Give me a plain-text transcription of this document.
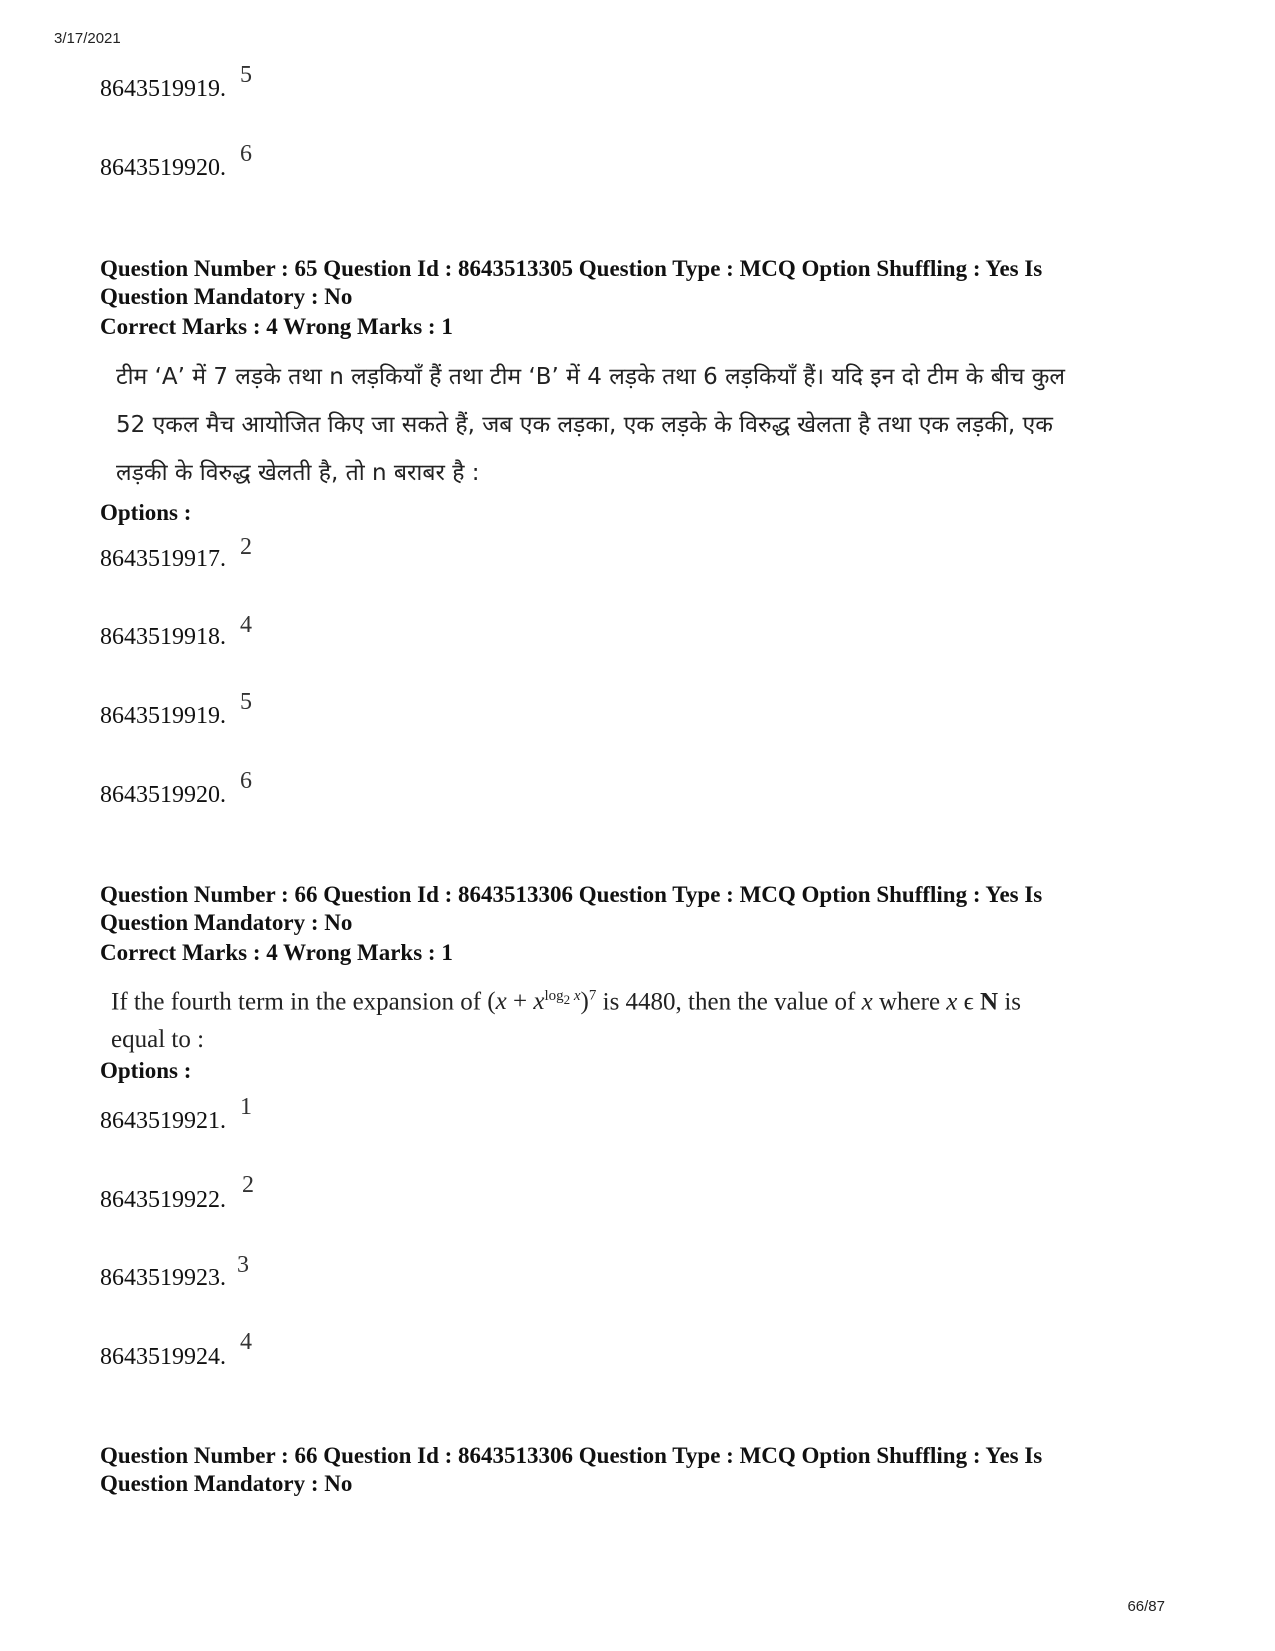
3/17/2021
66/87
8643519919.
5
8643519920.
6
Question Number : 65 Question Id : 8643513305 Question Type : MCQ Option Shuffling : Yes Is
Question Mandatory : No
Correct Marks : 4 Wrong Marks : 1
टीम ‘A’ में 7 लड़के तथा n लड़कियाँ हैं तथा टीम ‘B’ में 4 लड़के तथा 6 लड़कियाँ हैं। यदि इन दो टीम के बीच कुल
52 एकल मैच आयोजित किए जा सकते हैं, जब एक लड़का, एक लड़के के विरुद्ध खेलता है तथा एक लड़की, एक
लड़की के विरुद्ध खेलती है, तो n बराबर है :
Options :
8643519917. 2
8643519918. 4
8643519919.
5
8643519920.
6
Question Number : 66 Question Id : 8643513306 Question Type : MCQ Option Shuffling : Yes Is
Question Mandatory : No
Correct Marks : 4 Wrong Marks : 1
If the fourth term in the expansion of $(x + x^{log_2 x})^7$ is 4480, then the value of x where x ϵ N is
equal to :
Options :
8643519921.
1
8643519922.
2
8643519923. 3
8643519924.
4
Question Number : 66 Question Id : 8643513306 Question Type : MCQ Option Shuffling : Yes Is
Question Mandatory : No
